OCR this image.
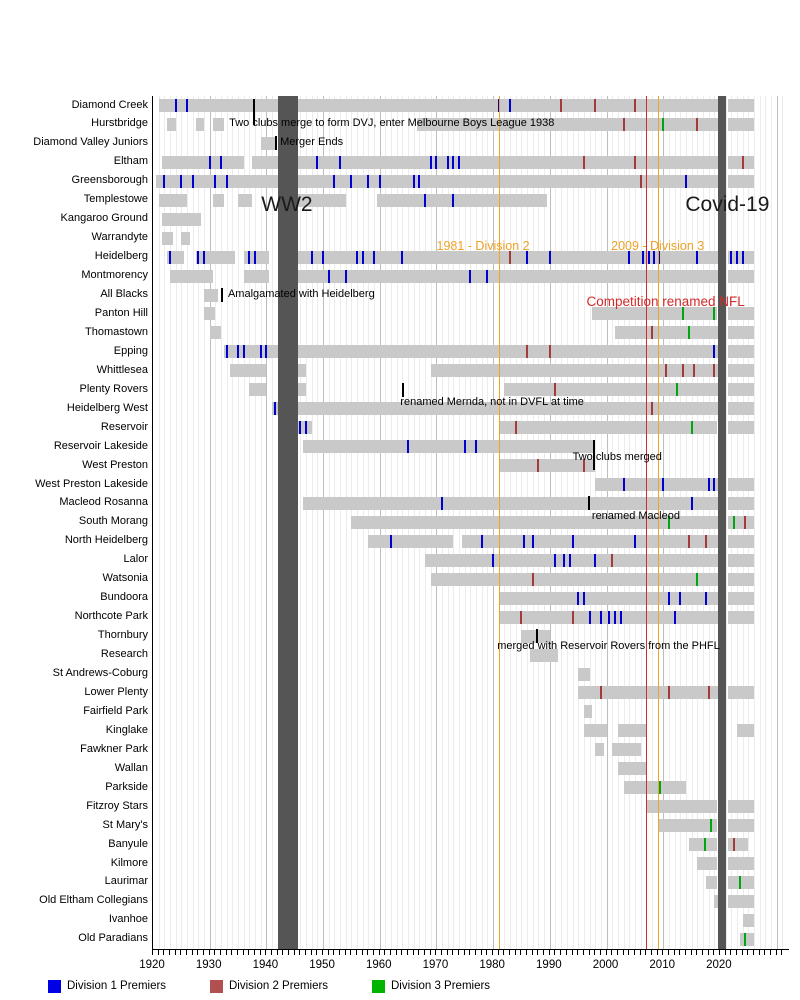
Diamond Creek
Hurstbridge
Diamond Valley Juniors
Eltham
Greensborough
Templestowe
Kangaroo Ground
Warrandyte
Heidelberg
Montmorency
All Blacks
Panton Hill
Thomastown
Epping
Whittlesea
Plenty Rovers
Heidelberg West
Reservoir
Reservoir Lakeside
West Preston
West Preston Lakeside
Macleod Rosanna
South Morang
North Heidelberg
Lalor
Watsonia
Bundoora
Northcote Park
Thornbury
Research
St Andrews-Coburg
Lower Plenty
Fairfield Park
Kinglake
Fawkner Park
Wallan
Parkside
Fitzroy Stars
St Mary's
Banyule
Kilmore
Laurimar
Old Eltham Collegians
Ivanhoe
Old Paradians
1920	1930	1940	1950	1960	1970	1980	1990	2000	2010	2020
Two clubs merge to form DVJ, enter Melbourne Boys League 1938
Merger Ends
Amalgamated with Heidelberg
renamed Mernda, not in DVFL at time
Two clubs merged
renamed Macleod
merged with Reservoir Rovers from the PHFL
WW2	Covid-19
1981 - Division 2	2009 - Division 3
Competition renamed NFL
Division 1 Premiers	Division 2 Premiers	Division 3 Premiers
